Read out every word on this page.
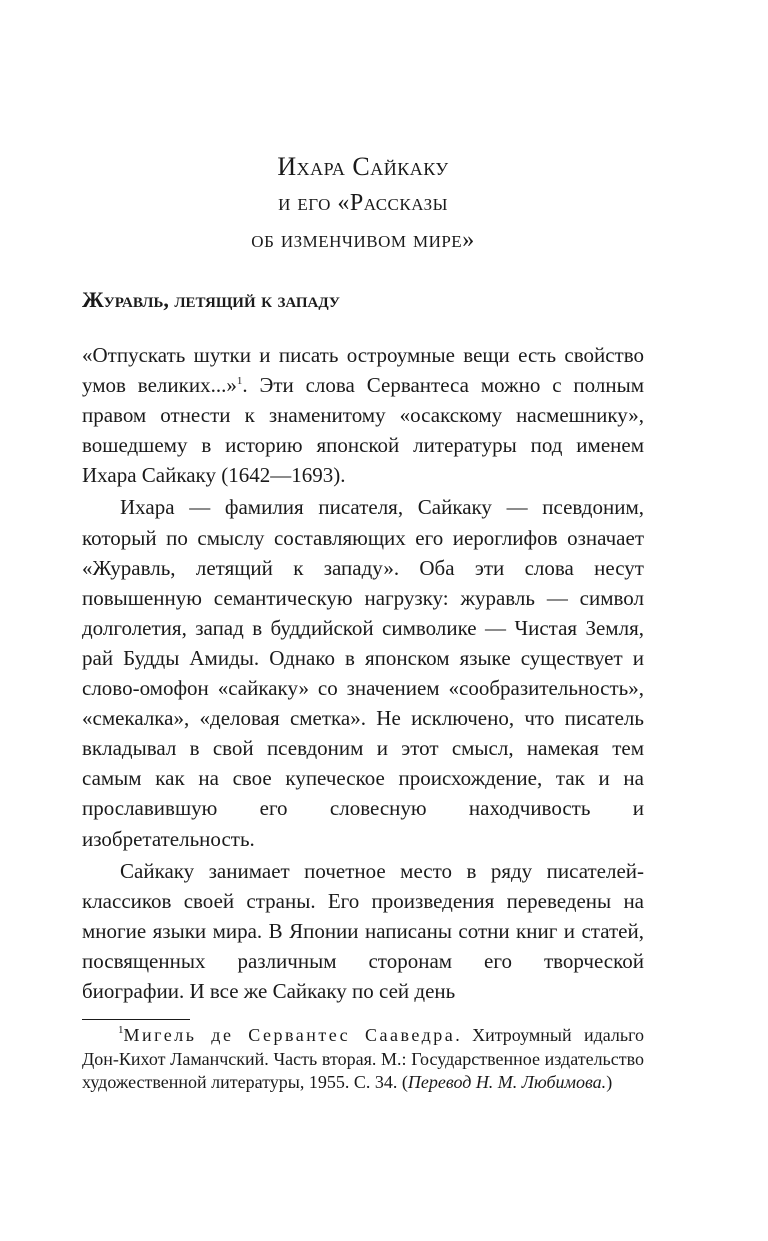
Ихара Сайкаку
и его «Рассказы
об изменчивом мире»
Журавль, летящий к западу

«Отпускать шутки и писать остроумные вещи есть свойство умов великих...»$^1$. Эти слова Сервантеса можно с полным правом отнести к знаменитому «осакскому насмешнику», вошедшему в историю японской литературы под именем Ихара Сайкаку (1642—1693).

Ихара — фамилия писателя, Сайкаку — псевдоним, который по смыслу составляющих его иероглифов означает «Журавль, летящий к западу». Оба эти слова несут повышенную семантическую нагрузку: журавль — символ долголетия, запад в буддийской символике — Чистая Земля, рай Будды Амиды. Однако в японском языке существует и слово-омофон «сайкаку» со значением «сообразительность», «смекалка», «деловая сметка». Не исключено, что писатель вкладывал в свой псевдоним и этот смысл, намекая тем самым как на свое купеческое происхождение, так и на прославившую его словесную находчивость и изобретательность.

Сайкаку занимает почетное место в ряду писателей-классиков своей страны. Его произведения переведены на многие языки мира. В Японии написаны сотни книг и статей, посвященных различным сторонам его творческой биографии. И все же Сайкаку по сей день

$^1$Мигель де Сервантес Сааведра. Хитроумный идальго Дон-Кихот Ламанчский. Часть вторая. М.: Государственное издательство художественной литературы, 1955. С. 34. (Перевод Н. М. Любимова.)
